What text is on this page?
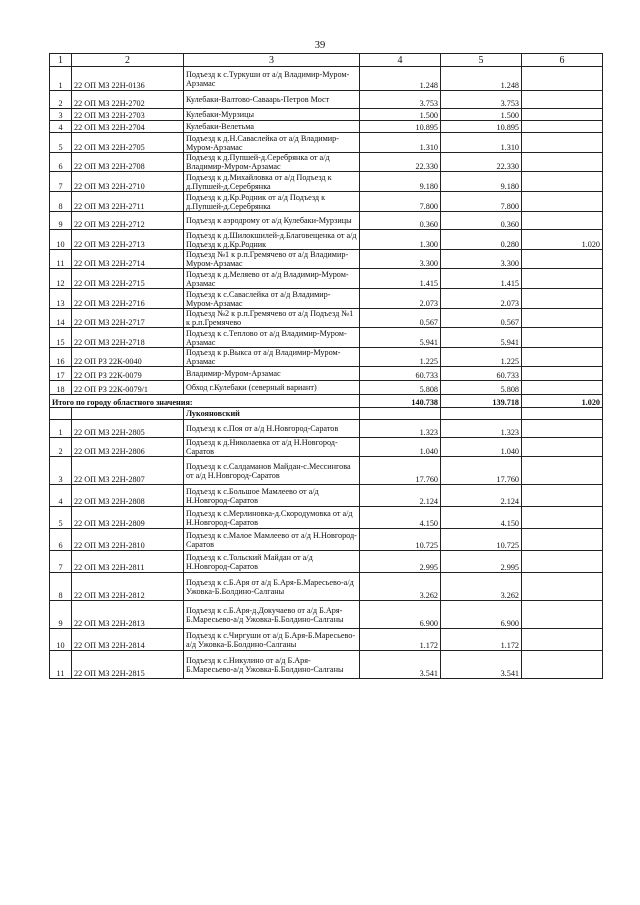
39
1	2	3	4	5	6
1	22 ОП МЗ 22Н-0136	Подъезд к с.Туркуши от а/д Владимир-Муром-Арзамас	1.248	1.248	
2	22 ОП МЗ 22Н-2702	Кулебаки-Валтово-Саваарь-Петров Мост	3.753	3.753	
3	22 ОП МЗ 22Н-2703	Кулебаки-Мурзицы	1.500	1.500	
4	22 ОП МЗ 22Н-2704	Кулебаки-Велетьма	10.895	10.895	
5	22 ОП МЗ 22Н-2705	Подъезд к д.Н.Саваслейка от а/д Владимир-Муром-Арзамас	1.310	1.310	
6	22 ОП МЗ 22Н-2708	Подъезд к д.Пупшей-д.Серебрянка от а/д Владимир-Муром-Арзамас	22.330	22.330	
7	22 ОП МЗ 22Н-2710	Подъезд к д.Михайловка от а/д Подъезд к д.Пупшей-д.Серебрянка	9.180	9.180	
8	22 ОП МЗ 22Н-2711	Подъезд к д.Кр.Родник от а/д Подъезд к д.Пупшей-д.Серебрянка	7.800	7.800	
9	22 ОП МЗ 22Н-2712	Подъезд к аэродрому от а/д Кулебаки-Мурзицы	0.360	0.360	
10	22 ОП МЗ 22Н-2713	Подъезд к д.Шилокшилей-д.Благовещенка от а/д Подъезд к д.Кр.Родник	1.300	0.280	1.020
11	22 ОП МЗ 22Н-2714	Подъезд №1 к р.п.Гремячево от а/д Владимир-Муром-Арзамас	3.300	3.300	
12	22 ОП МЗ 22Н-2715	Подъезд к д.Меляево от а/д Владимир-Муром-Арзамас	1.415	1.415	
13	22 ОП МЗ 22Н-2716	Подъезд к с.Саваслейка от а/д Владимир-Муром-Арзамас	2.073	2.073	
14	22 ОП МЗ 22Н-2717	Подъезд №2 к р.п.Гремячево от а/д Подъезд №1 к р.п.Гремячево	0.567	0.567	
15	22 ОП МЗ 22Н-2718	Подъезд к с.Теплово от а/д Владимир-Муром-Арзамас	5.941	5.941	
16	22 ОП РЗ 22К-0040	Подъезд к р.Выкса от а/д Владимир-Муром-Арзамас	1.225	1.225	
17	22 ОП РЗ 22К-0079	Владимир-Муром-Арзамас	60.733	60.733	
18	22 ОП РЗ 22К-0079/1	Обход г.Кулебаки (северный вариант)	5.808	5.808	
Итого по городу областного значения:			140.738	139.718	1.020
		Лукояновский			
1	22 ОП МЗ 22Н-2805	Подъезд к с.Поя от а/д Н.Новгород-Саратов	1.323	1.323	
2	22 ОП МЗ 22Н-2806	Подъезд к д.Николаевка от а/д Н.Новгород-Саратов	1.040	1.040	
3	22 ОП МЗ 22Н-2807	Подъезд к с.Салдаманов Майдан-с.Мессингова от а/д Н.Новгород-Саратов	17.760	17.760	
4	22 ОП МЗ 22Н-2808	Подъезд к с.Большое Мамлеево от а/д Н.Новгород-Саратов	2.124	2.124	
5	22 ОП МЗ 22Н-2809	Подъезд к с.Мерлиновка-д.Скородумовка от а/д Н.Новгород-Саратов	4.150	4.150	
6	22 ОП МЗ 22Н-2810	Подъезд к с.Малое Мамлеево от а/д Н.Новгород-Саратов	10.725	10.725	
7	22 ОП МЗ 22Н-2811	Подъезд к с.Тольский Майдан от а/д Н.Новгород-Саратов	2.995	2.995	
8	22 ОП МЗ 22Н-2812	Подъезд к с.Б.Аря от а/д Б.Аря-Б.Маресьево-а/д Ужовка-Б.Болдино-Салганы	3.262	3.262	
9	22 ОП МЗ 22Н-2813	Подъезд к с.Б.Аря-д.Докучаево от а/д Б.Аря-Б.Маресьево-а/д Ужовка-Б.Болдино-Салганы	6.900	6.900	
10	22 ОП МЗ 22Н-2814	Подъезд к с.Чиргуши от а/д Б.Аря-Б.Маресьево-а/д Ужовка-Б.Болдино-Салганы	1.172	1.172	
11	22 ОП МЗ 22Н-2815	Подъезд к с.Никулино от а/д Б.Аря-Б.Маресьево-а/д Ужовка-Б.Болдино-Салганы	3.541	3.541	
